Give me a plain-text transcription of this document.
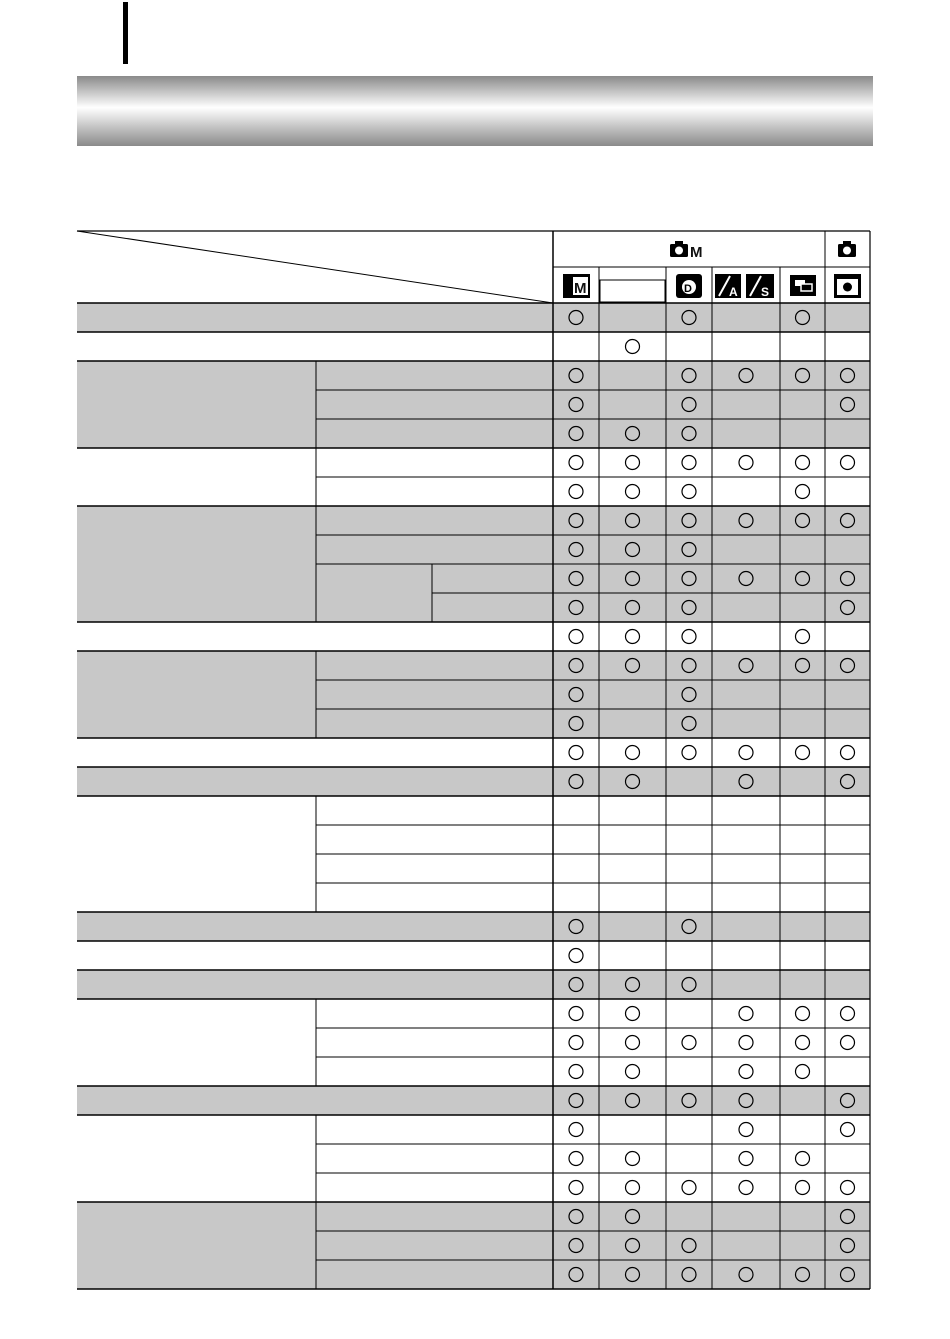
M
M	D	A S
